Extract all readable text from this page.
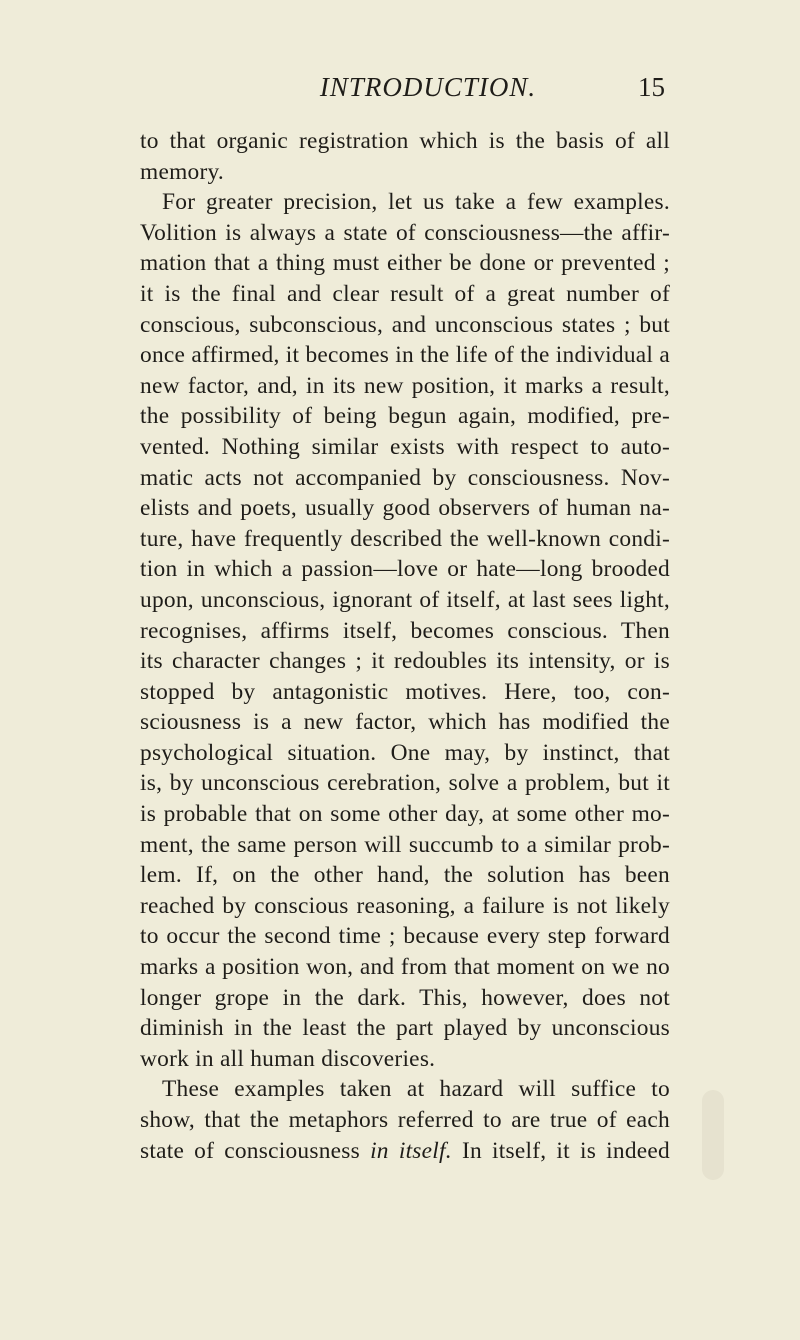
INTRODUCTION.	15
to that organic registration which is the basis of all
memory.
For greater precision, let us take a few examples.
Volition is always a state of consciousness—the affir-
mation that a thing must either be done or prevented ;
it is the final and clear result of a great number of
conscious, subconscious, and unconscious states ; but
once affirmed, it becomes in the life of the individual a
new factor, and, in its new position, it marks a result,
the possibility of being begun again, modified, pre-
vented. Nothing similar exists with respect to auto-
matic acts not accompanied by consciousness. Nov-
elists and poets, usually good observers of human na-
ture, have frequently described the well-known condi-
tion in which a passion—love or hate—long brooded
upon, unconscious, ignorant of itself, at last sees light,
recognises, affirms itself, becomes conscious. Then
its character changes ; it redoubles its intensity, or is
stopped by antagonistic motives. Here, too, con-
sciousness is a new factor, which has modified the
psychological situation. One may, by instinct, that
is, by unconscious cerebration, solve a problem, but it
is probable that on some other day, at some other mo-
ment, the same person will succumb to a similar prob-
lem. If, on the other hand, the solution has been
reached by conscious reasoning, a failure is not likely
to occur the second time ; because every step forward
marks a position won, and from that moment on we no
longer grope in the dark. This, however, does not
diminish in the least the part played by unconscious
work in all human discoveries.
These examples taken at hazard will suffice to
show, that the metaphors referred to are true of each
state of consciousness in itself. In itself, it is indeed
